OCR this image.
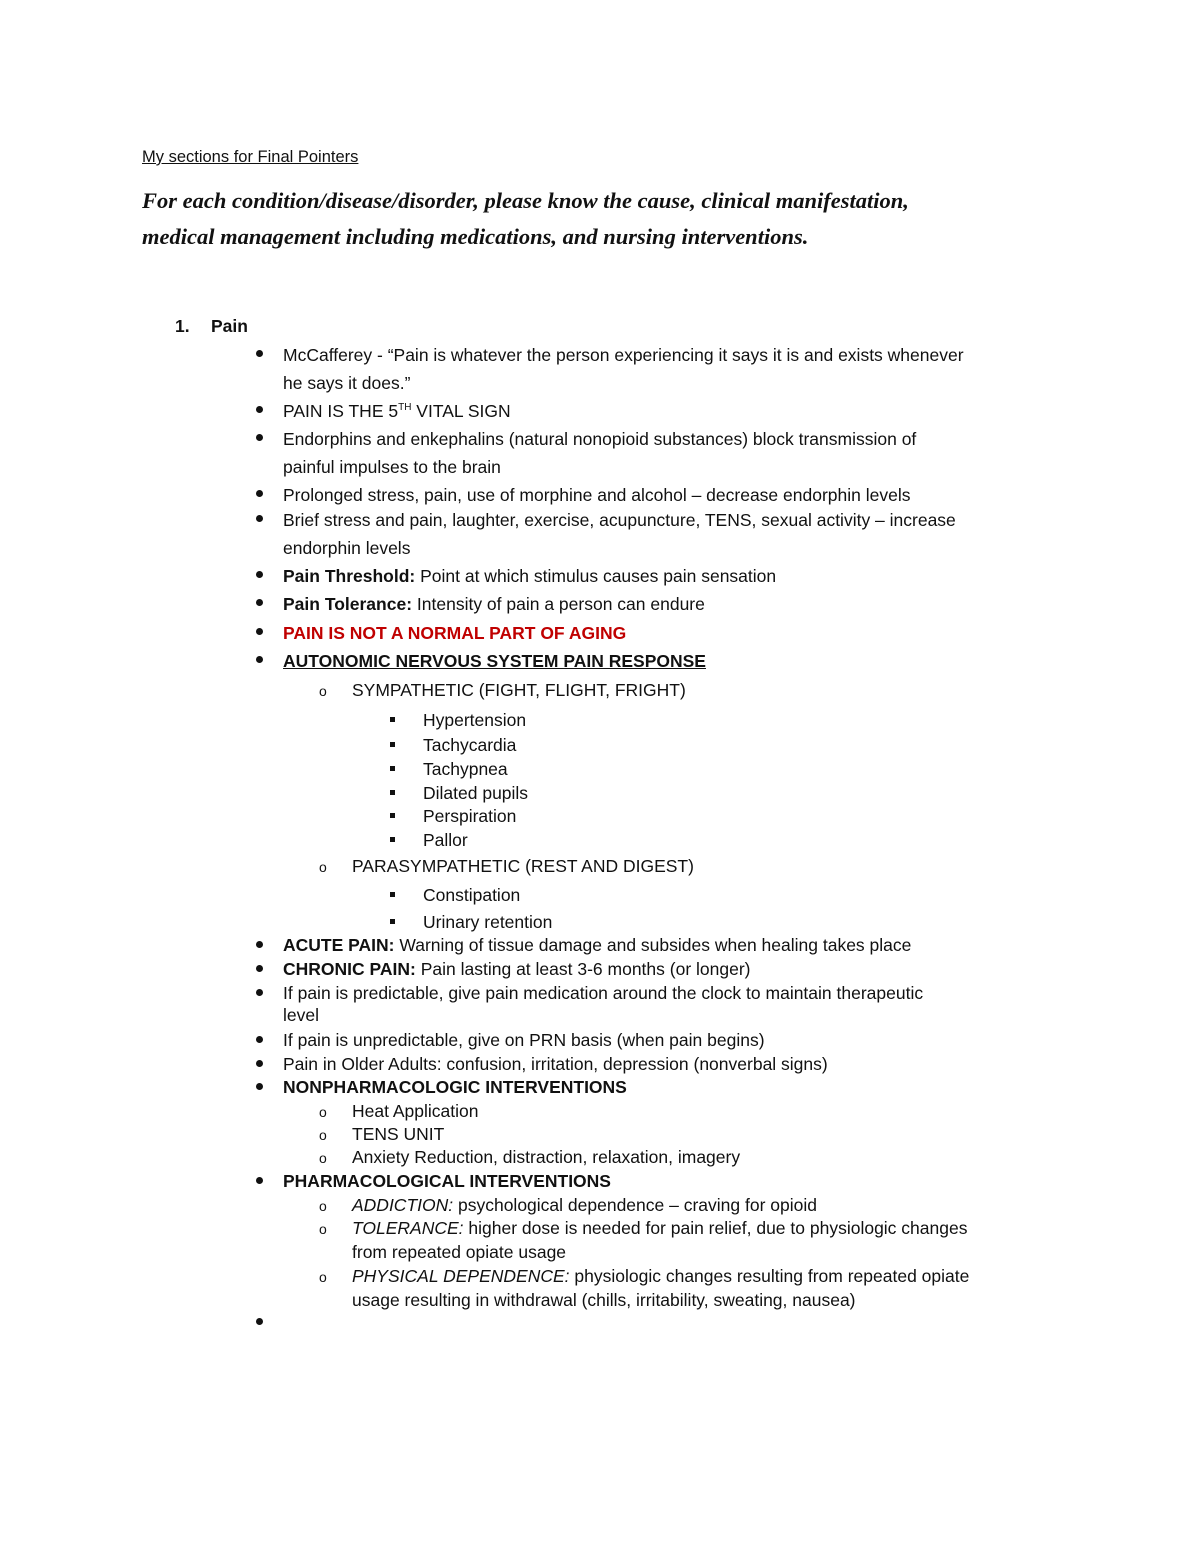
My sections for Final Pointers
For each condition/disease/disorder, please know the cause, clinical manifestation,
medical management including medications, and nursing interventions.
1. Pain
McCafferey - “Pain is whatever the person experiencing it says it is and exists whenever
he says it does.”
PAIN IS THE 5TH VITAL SIGN
Endorphins and enkephalins (natural nonopioid substances) block transmission of
painful impulses to the brain
Prolonged stress, pain, use of morphine and alcohol – decrease endorphin levels
Brief stress and pain, laughter, exercise, acupuncture, TENS, sexual activity – increase
endorphin levels
Pain Threshold: Point at which stimulus causes pain sensation
Pain Tolerance: Intensity of pain a person can endure
PAIN IS NOT A NORMAL PART OF AGING
AUTONOMIC NERVOUS SYSTEM PAIN RESPONSE
o SYMPATHETIC (FIGHT, FLIGHT, FRIGHT)
Hypertension
Tachycardia
Tachypnea
Dilated pupils
Perspiration
Pallor
o PARASYMPATHETIC (REST AND DIGEST)
Constipation
Urinary retention
ACUTE PAIN: Warning of tissue damage and subsides when healing takes place
CHRONIC PAIN: Pain lasting at least 3-6 months (or longer)
If pain is predictable, give pain medication around the clock to maintain therapeutic
level
If pain is unpredictable, give on PRN basis (when pain begins)
Pain in Older Adults: confusion, irritation, depression (nonverbal signs)
NONPHARMACOLOGIC INTERVENTIONS
o Heat Application
o TENS UNIT
o Anxiety Reduction, distraction, relaxation, imagery
PHARMACOLOGICAL INTERVENTIONS
o ADDICTION: psychological dependence – craving for opioid
o TOLERANCE: higher dose is needed for pain relief, due to physiologic changes
from repeated opiate usage
o PHYSICAL DEPENDENCE: physiologic changes resulting from repeated opiate
usage resulting in withdrawal (chills, irritability, sweating, nausea)
